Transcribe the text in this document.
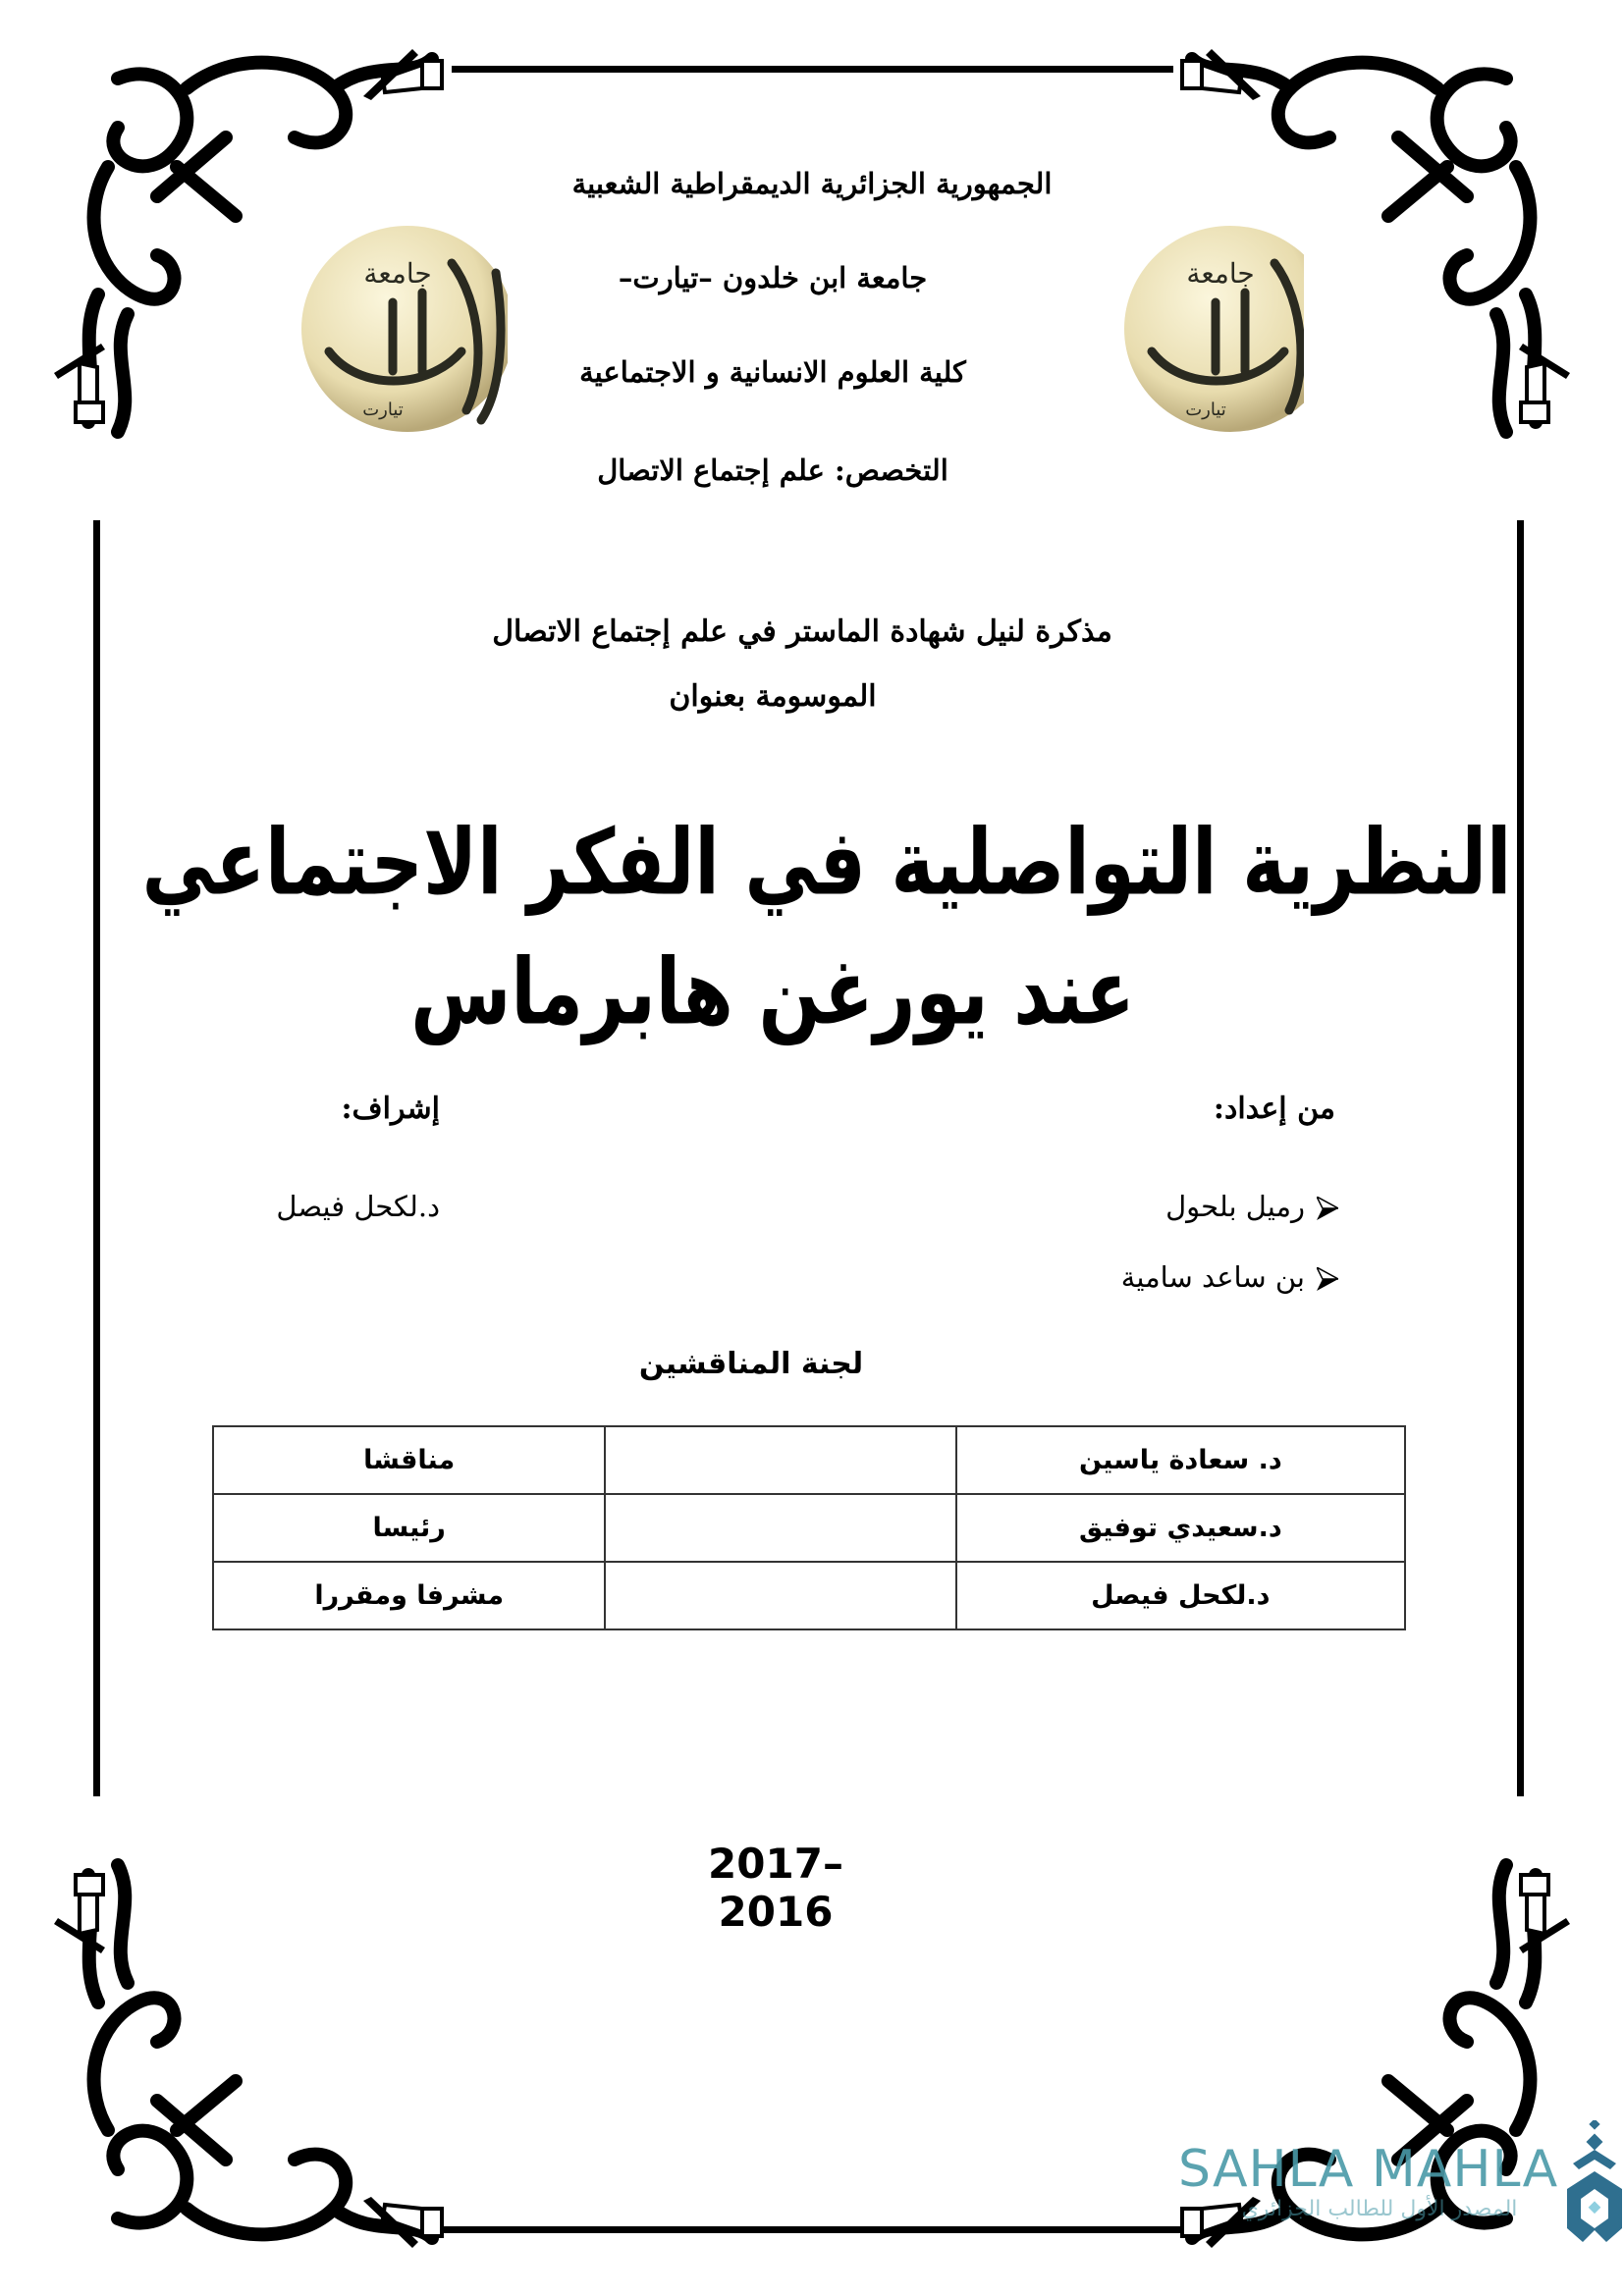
جامعة
تيارت
جامعة
تيارت
الجمهورية الجزائرية الديمقراطية الشعبية
جامعة ابن خلدون –تيارت–
كلية العلوم الانسانية و الاجتماعية
التخصص: علم إجتماع الاتصال
مذكرة لنيل شهادة الماستر في علم إجتماع الاتصال
الموسومة بعنوان
النظرية التواصلية في الفكر الاجتماعي
عند يورغن هابرماس
من إعداد:
رميل بلحول
بن ساعد سامية
إشراف:
د.لكحل فيصل
لجنة المناقشين
د. سعادة ياسين		مناقشا
د.سعيدي توفيق		رئيسا
د.لكحل فيصل		مشرفا ومقررا
2017–2016
SAHLA MAHLA
المصدر الأول للطالب الجزائري
